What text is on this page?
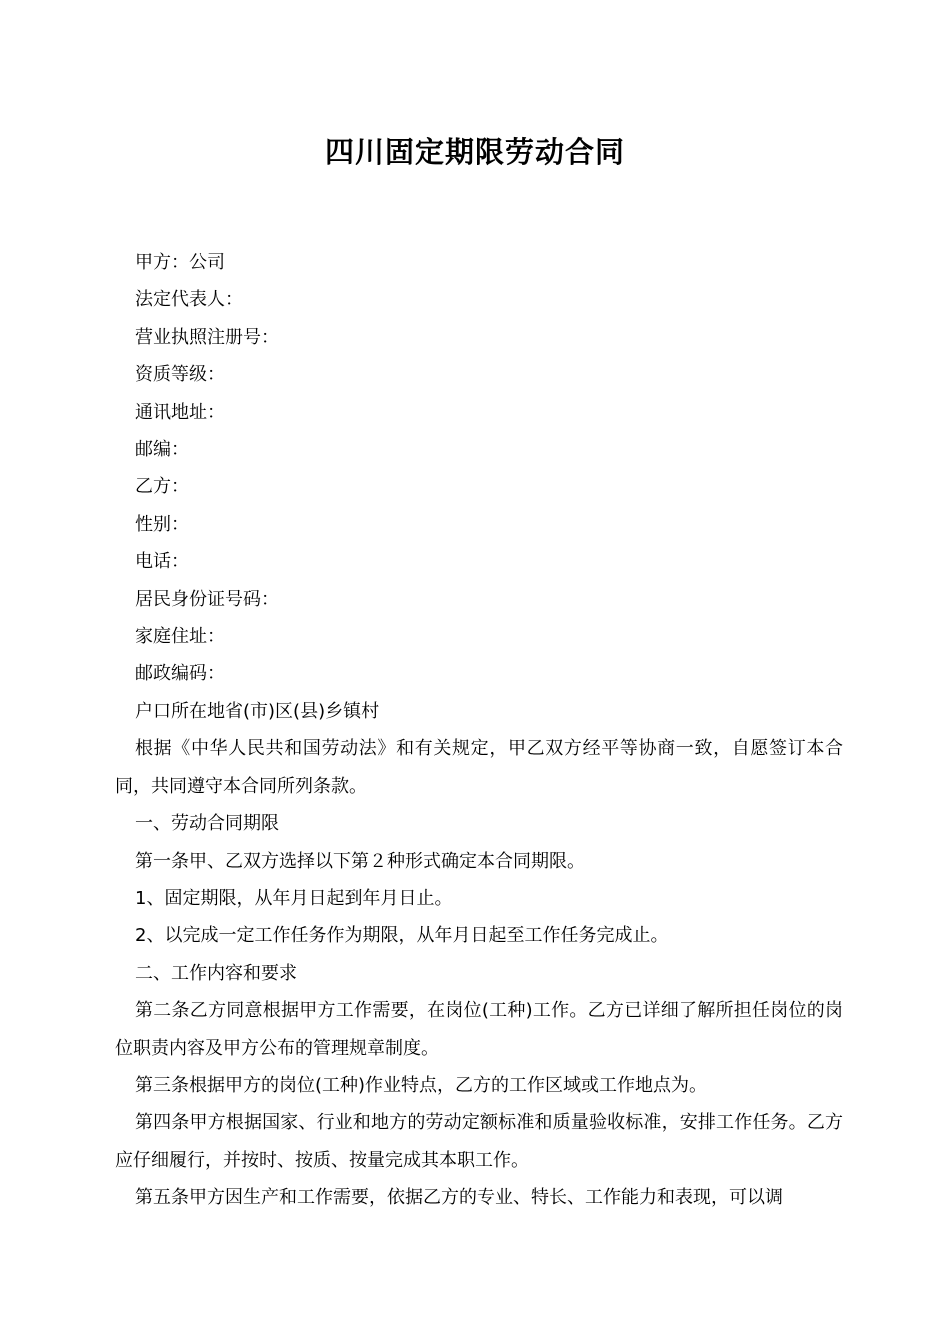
四川固定期限劳动合同

甲方：公司

法定代表人：

营业执照注册号：

资质等级：

通讯地址：

邮编：

乙方：

性别：

电话：

居民身份证号码：

家庭住址：

邮政编码：

户口所在地省(市)区(县)乡镇村

根据《中华人民共和国劳动法》和有关规定，甲乙双方经平等协商一致，自愿签订本合同，共同遵守本合同所列条款。

一、劳动合同期限

第一条甲、乙双方选择以下第２种形式确定本合同期限。

1、固定期限，从年月日起到年月日止。

2、以完成一定工作任务作为期限，从年月日起至工作任务完成止。

二、工作内容和要求

第二条乙方同意根据甲方工作需要，在岗位(工种)工作。乙方已详细了解所担任岗位的岗位职责内容及甲方公布的管理规章制度。

第三条根据甲方的岗位(工种)作业特点，乙方的工作区域或工作地点为。

第四条甲方根据国家、行业和地方的劳动定额标准和质量验收标准，安排工作任务。乙方应仔细履行，并按时、按质、按量完成其本职工作。

第五条甲方因生产和工作需要，依据乙方的专业、特长、工作能力和表现，可以调
